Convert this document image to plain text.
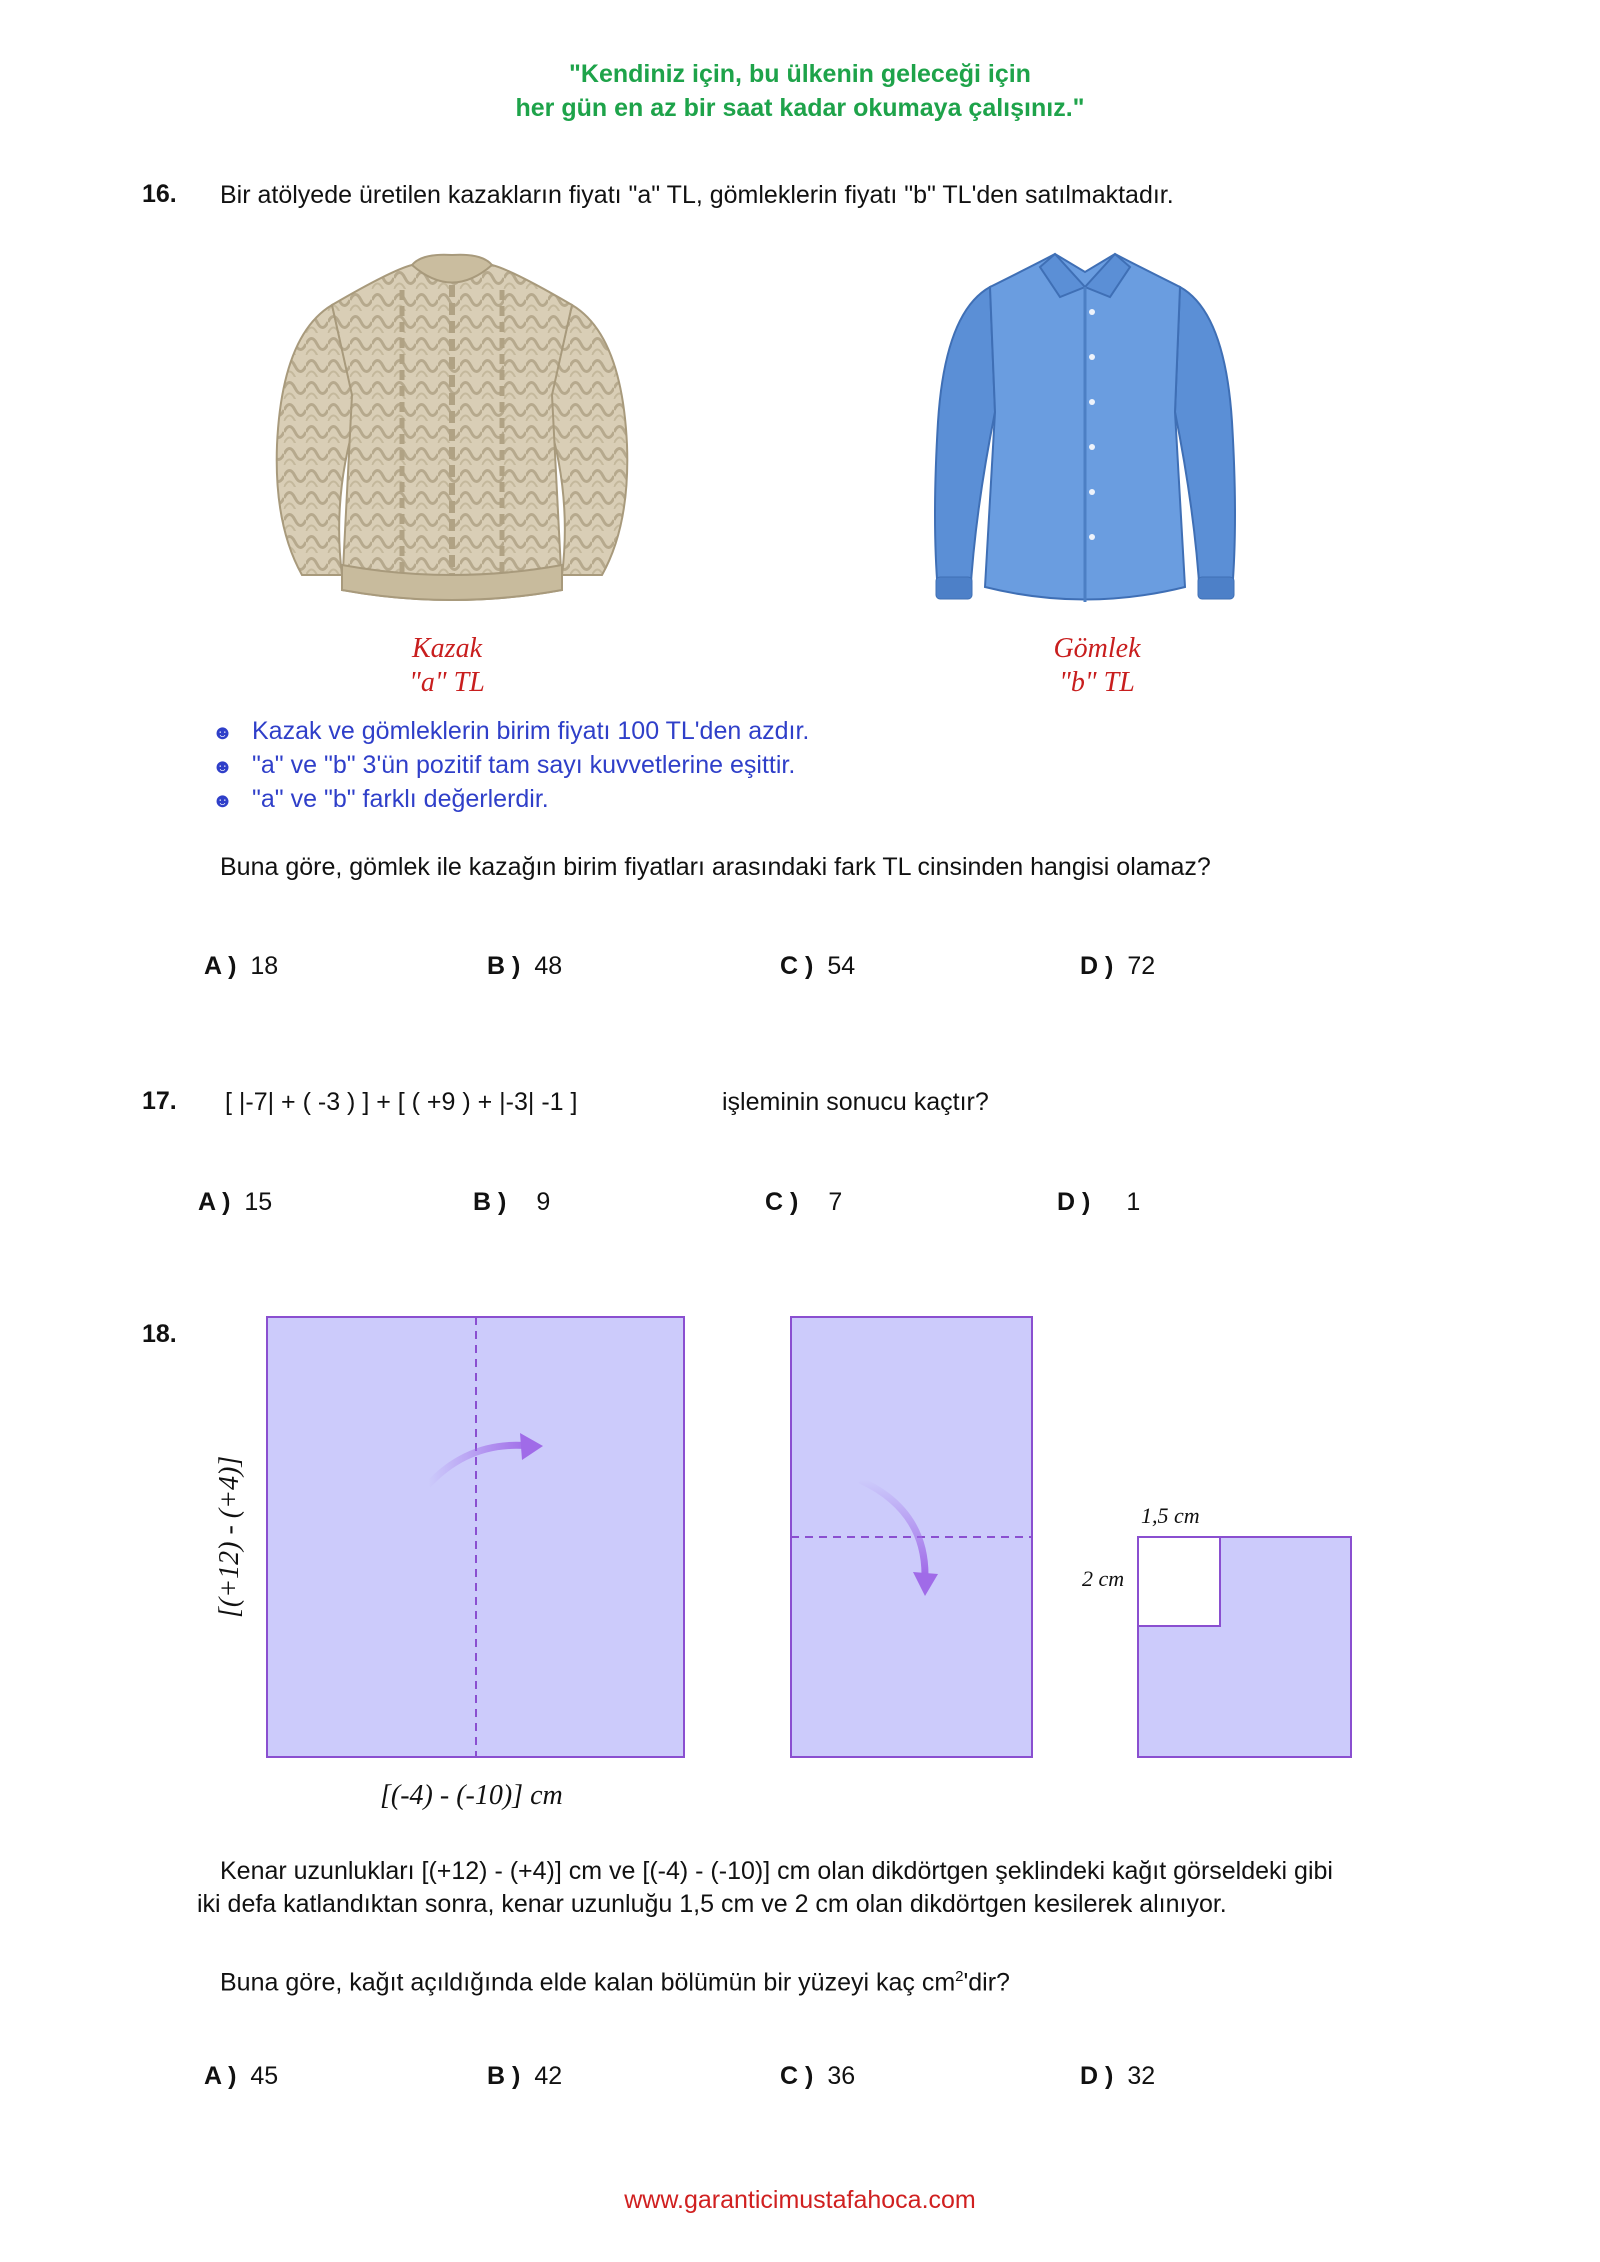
"Kendiniz için, bu ülkenin geleceği için
her gün en az bir saat kadar okumaya çalışınız."
16. Bir atölyede üretilen kazakların fiyatı "a" TL, gömleklerin fiyatı "b" TL'den satılmaktadır.
Kazak
"a" TL
Gömlek
"b" TL
☻ Kazak ve gömleklerin birim fiyatı 100 TL'den azdır.
☻ "a" ve "b" 3'ün pozitif tam sayı kuvvetlerine eşittir.
☻ "a" ve "b" farklı değerlerdir.
Buna göre, gömlek ile kazağın birim fiyatları arasındaki fark TL cinsinden hangisi olamaz?
A ) 18	B ) 48	C ) 54	D ) 72
17. [ |-7| + ( -3 ) ] + [ ( +9 ) + |-3| -1 ]	işleminin sonucu kaçtır?
A ) 15	B ) 9	C ) 7	D ) 1
18.
[(+12) - (+4)]
[(-4) - (-10)] cm
1,5 cm
2 cm
Kenar uzunlukları [(+12) - (+4)] cm ve [(-4) - (-10)] cm olan dikdörtgen şeklindeki kağıt görseldeki gibi
iki defa katlandıktan sonra, kenar uzunluğu 1,5 cm ve 2 cm olan dikdörtgen kesilerek alınıyor.
Buna göre, kağıt açıldığında elde kalan bölümün bir yüzeyi kaç $cm^2'dir$?
A ) 45	B ) 42	C ) 36	D ) 32
www.garanticimustafahoca.com
